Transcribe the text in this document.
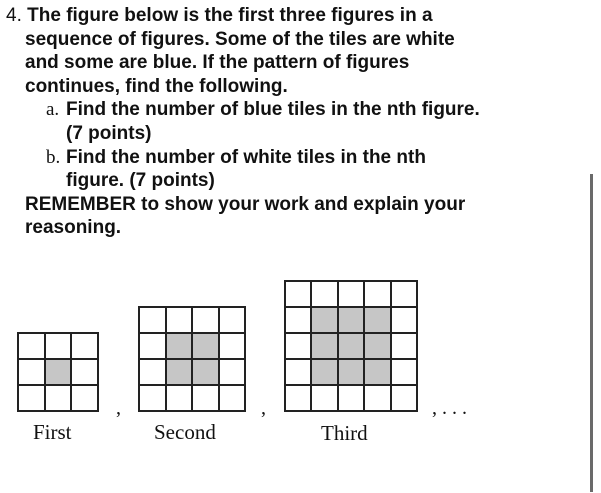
4. The figure below is the first three figures in a

sequence of figures. Some of the tiles are white

and some are blue. If the pattern of figures

continues, find the following.

a. Find the number of blue tiles in the nth figure.

(7 points)

b. Find the number of white tiles in the nth

figure. (7 points)

REMEMBER to show your work and explain your

reasoning.

First	Second	Third
,	,	, . . .
